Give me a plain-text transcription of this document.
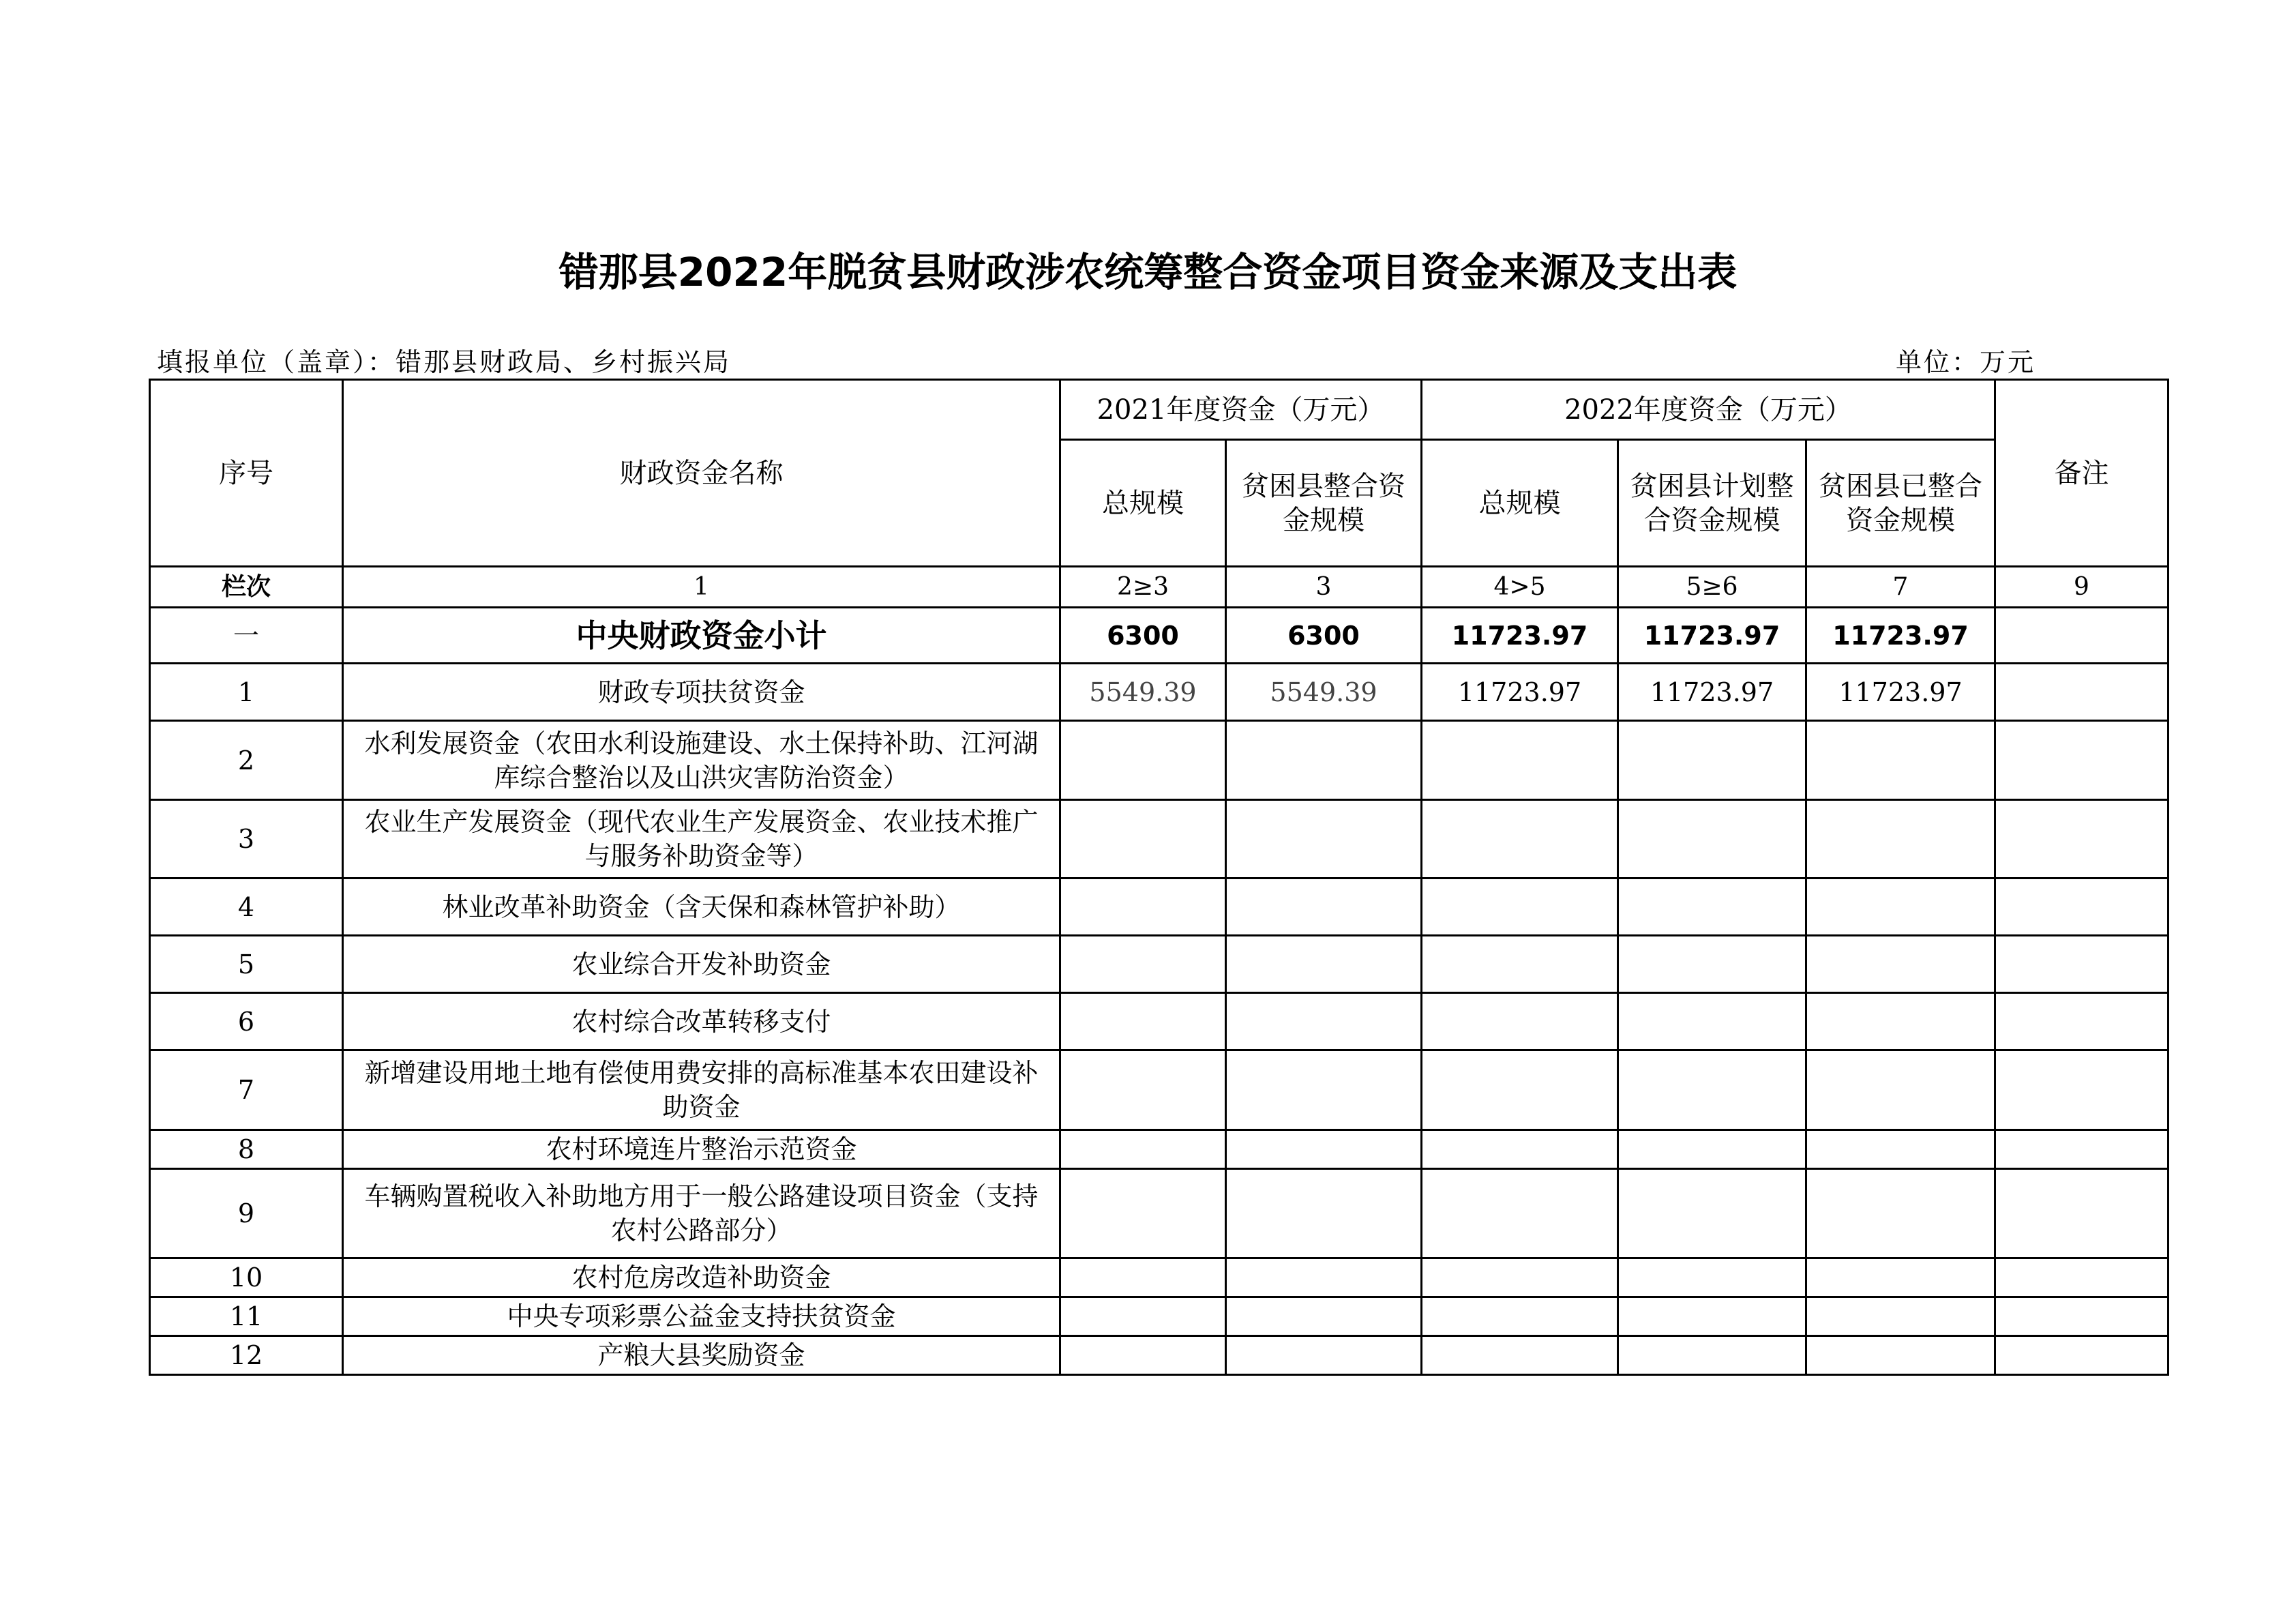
错那县2022年脱贫县财政涉农统筹整合资金项目资金来源及支出表
填报单位（盖章）：错那县财政局、乡村振兴局	单位：万元
序号	财政资金名称	2021年度资金（万元）		2022年度资金（万元）			备注
		总规模	贫困县整合资金规模	总规模	贫困县计划整合资金规模	贫困县已整合资金规模	
栏次	1	2≥3	3	4>5	5≥6	7	9
一	中央财政资金小计	6300	6300	11723.97	11723.97	11723.97	
1	财政专项扶贫资金	5549.39	5549.39	11723.97	11723.97	11723.97	
2	水利发展资金（农田水利设施建设、水土保持补助、江河湖库综合整治以及山洪灾害防治资金）						
3	农业生产发展资金（现代农业生产发展资金、农业技术推广与服务补助资金等）						
4	林业改革补助资金（含天保和森林管护补助）						
5	农业综合开发补助资金						
6	农村综合改革转移支付						
7	新增建设用地土地有偿使用费安排的高标准基本农田建设补助资金						
8	农村环境连片整治示范资金						
9	车辆购置税收入补助地方用于一般公路建设项目资金（支持农村公路部分）						
10	农村危房改造补助资金						
11	中央专项彩票公益金支持扶贫资金						
12	产粮大县奖励资金						
